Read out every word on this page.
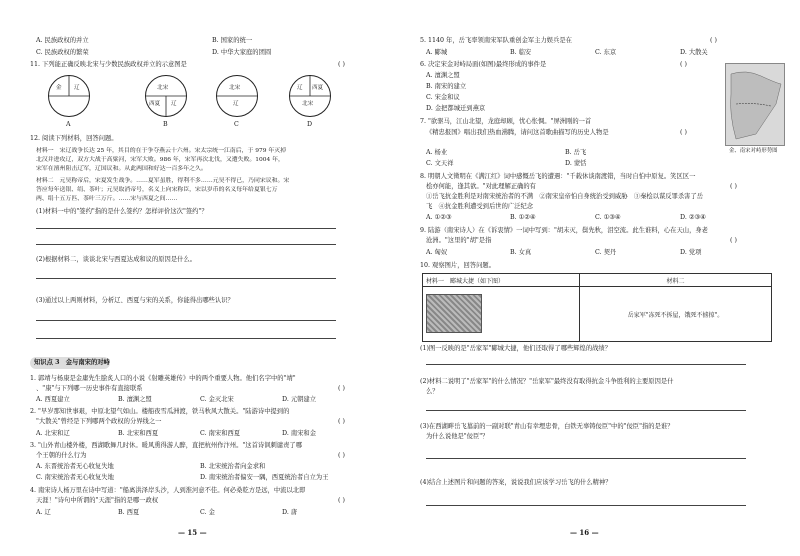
A. 民族政权的并立	B. 国家的统一
C. 民族政权的繁荣	D. 中华大家庭的团圆
11. 下列能正确反映北宋与少数民族政权并立的示意图是	( )
金 辽	北宋
西夏 辽
北宋
辽
辽 西夏
北宋
A	B	C	D
12. 阅读下列材料，回答问题。
材料一　宋辽战争长达 25 年，其目的在于争夺燕云十六州。宋太宗统一江南后，于 979 年灭掉
北汉并进攻辽，双方大战于高粱河，宋军大败。986 年，宋军再次北伐，又遭失败。1004 年，
宋军在澶州阻击辽军，辽国议和。从此两国和好达一百多年之久。
材料二　元昊称帝后，宋夏发生战争。……夏军虽胜，得利不多……元昊不得已，乃同宋议和。宋
答应每年送银、绢、茶叶；元昊取消帝号，名义上向宋称臣，宋以岁币的名义每年给夏银七万
两、绢十五万匹、茶叶三万斤。……宋与西夏之间……
(1)材料一中的"签约"指的是什么签约？怎样评价这次"签约"？
(2)根据材料二，谈谈北宋与西夏达成和议的原因是什么。
(3)通过以上两则材料，分析辽、西夏与宋的关系，你能得出哪些认识？
知识点 3　金与南宋的对峙
1. 郭靖与杨康是金庸先生脍炙人口的小说《射雕英雄传》中的两个重要人物。他们名字中的"靖"
、"康"与下列哪一历史事件有直接联系	( )
A. 西夏建立	B. 澶渊之盟	C. 金灭北宋	D. 元朝建立
2. "早岁那知世事艰，中原北望气如山。楼船夜雪瓜洲渡，铁马秋风大散关。"陆游诗中提到的
"大散关"曾经是下列哪两个政权的分界线之一	( )
A. 北宋和辽	B. 北宋和西夏	C. 南宋和西夏	D. 南宋和金
3. "山外青山楼外楼，西湖歌舞几时休。暖风熏得游人醉，直把杭州作汴州。"这首诗讽刺谴责了哪
个王朝的什么行为	( )
A. 东晋统治者无心收复失地	B. 北宋统治者向金求和
C. 南宋统治者无心收复失地	D. 南宋统治者偏安一隅，西夏统治者自立为王
4. 南宋诗人杨万里在诗中写道："船离洪泽岸头沙，人到淮河意不佳。何必桑乾方是远，中流以北即
天涯！"诗句中所谓的"天涯"指的是哪一政权	( )
A. 辽	B. 西夏	C. 金	D. 唐
— 15 —
5. 1140 年，岳飞率领南宋军队重创金军主力娱兵是在	( )
A. 郾城	B. 临安	C. 东京	D. 大散关
6. 决定宋金对峙局面(如图)最终形成的事件是	( )
A. 澶渊之盟
B. 南宋的建立
C. 宋金和议
D. 金把都城迁到燕京
金、南宋对峙形势图
7. "欲驱马，江山北望，龙庭却顾，忧心怅惆。"屏洲刚的一首
《精忠报国》唱出我们热血沸腾，请问这首歌曲描写的历史人物是	( )
A. 杨业	B. 岳飞
C. 文天祥	D. 蒙恬
8. 明朝人文徵明在《满江红》词中感慨岳飞的遭遇："千载休谈南渡错，当时自怕中原复。笑区区一
桧亦何能，逢其欲。"对此理解正确的有	( )
①岳飞抗金胜利是对南宋统治者的不满　②南宋皇帝怕自身统治受到威胁　③秦桧以谋反罪杀害了岳
飞　④抗金胜利遭受到后世的广泛纪念
A. ①②③	B. ①②④	C. ①③④	D. ②③④
9. 陆游（南宋诗人）在《诉衷情》一词中写到："胡未灭，鬓先秋，泪空流。此生谁料，心在天山，身老
沧洲。"这里的"胡"是指	( )
A. 匈奴	B. 女真	C. 契丹	D. 党项
10. 观察图片，回答问题。
材料一　郾城大捷（如下图）	材料二
	岳家军"冻死不拆屋，饿死不掳掠"。
(1)图一反映的是"岳家军"郾城大捷，他们还取得了哪些辉煌的战绩？
(2)材料二说明了"岳家军"的什么情况？"岳家军"最终没有取得抗金斗争胜利的主要原因是什
么？
(3)在西湖畔岳飞墓前的一副对联"青山有幸埋忠骨，白铁无辜铸佞臣"中的"佞臣"指的是谁？
为什么说他是"佞臣"？
(4)结合上述图片和问题的答案，说说我们应该学习岳飞的什么精神？
— 16 —
